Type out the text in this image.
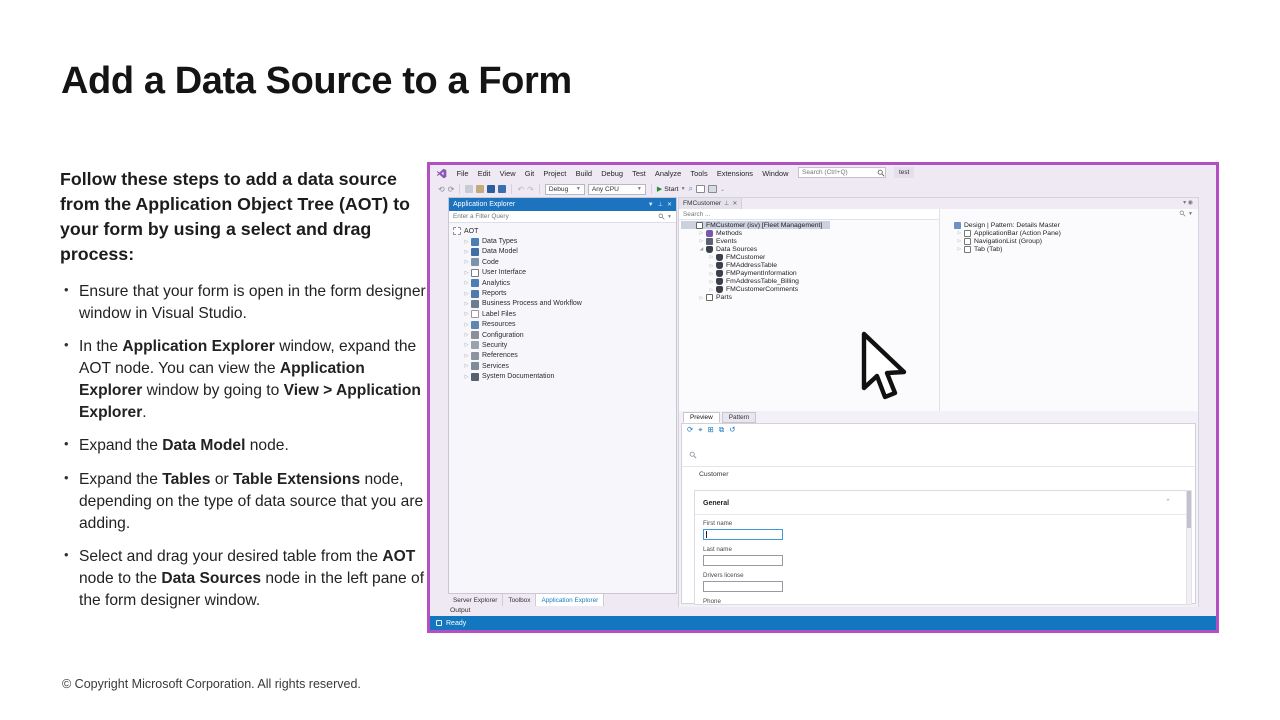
Add a Data Source to a Form
Follow these steps to add a data source from the Application Object Tree (AOT) to your form by using a select and drag process:
• Ensure that your form is open in the form designer window in Visual Studio.
• In the Application Explorer window, expand the AOT node. You can view the Application Explorer window by going to View > Application Explorer.
• Expand the Data Model node.
• Expand the Tables or Table Extensions node, depending on the type of data source that you are adding.
• Select and drag your desired table from the AOT node to the Data Sources node in the left pane of the form designer window.
© Copyright Microsoft Corporation. All rights reserved.
File	Edit	View	Git	Project	Build	Debug	Test	Analyze	Tools	Extensions	Window
Search (Ctrl+Q)	test
⟲ ⟳	↶ ↷ Debug ▼ Any CPU	▼ ▶ Start ▼ ⌕	⌄
Application Explorer	▼ ⊥ ✕
Enter a Filter Query
▼
AOT
▷	Data Types
▷	Data Model
▷	Code
▷	User Interface
▷	Analytics
▷	Reports
▷	Business Process and Workflow
▷	Label Files
▷	Resources
▷	Configuration
▷	Security
▷	References
▷	Services
▷	System Documentation
FMCustomer ⊥ ✕	▾ ◉
▼
Search ...
FMCustomer (isv) [Fleet Management]
▷	Methods
▷	Events
◢	Data Sources
▷	FMCustomer
▷	FMAddressTable
▷	FMPaymentInformation
▷	FmAddressTable_Billing
▷	FMCustomerComments
▷	Parts
Design | Pattern: Details Master
▷	ApplicationBar (Action Pane)
▷	NavigationList (Group)
▷	Tab (Tab)
Preview	Pattern
⟳ ⌖ ⊞ ⧉ ↺
Customer
General	⌃
First name
Last name
Drivers license
Phone
Server Explorer	Toolbox	Application Explorer
Output
Ready
